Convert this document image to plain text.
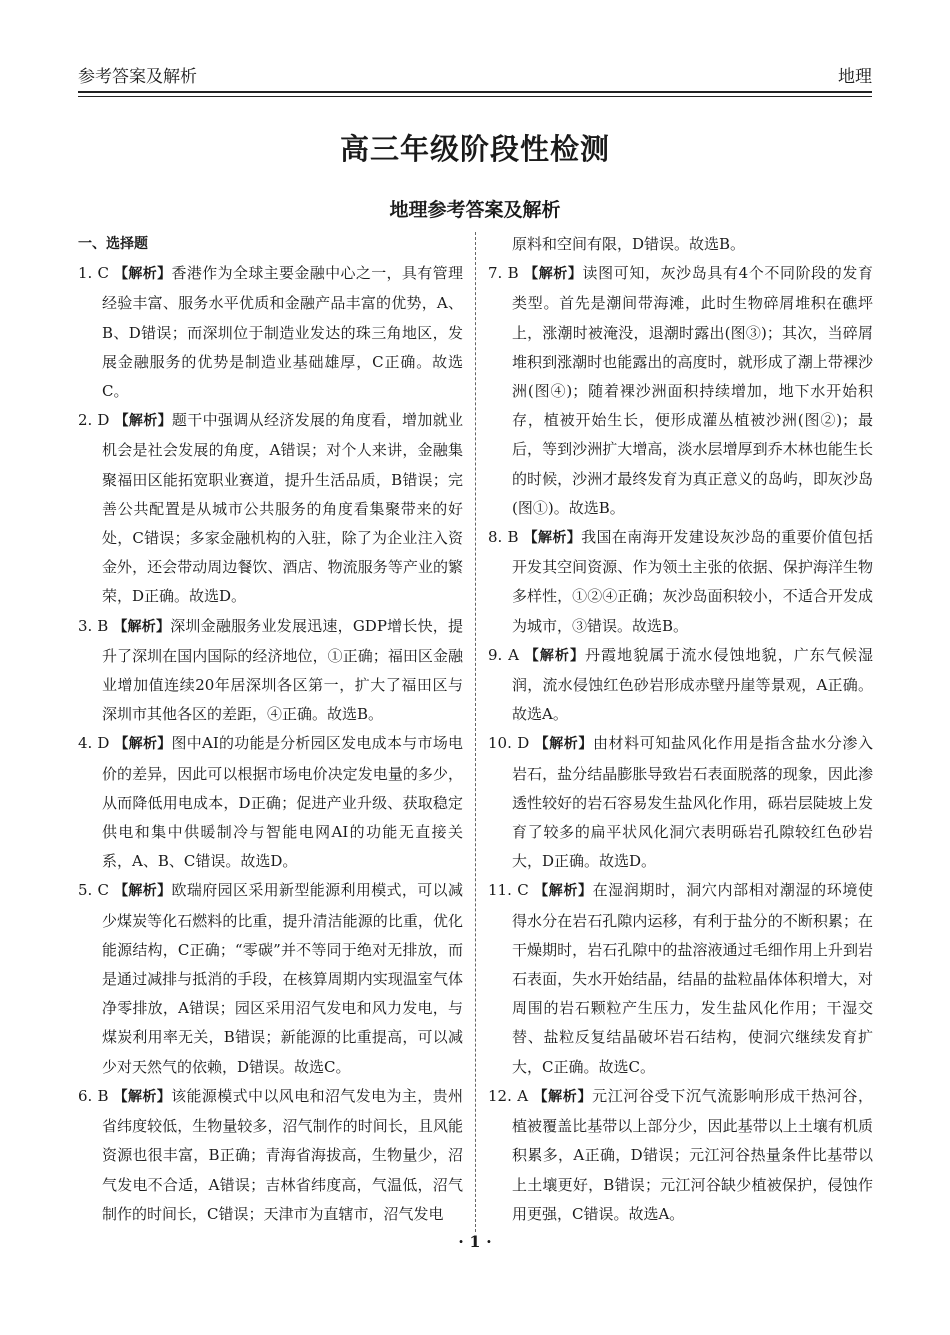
参考答案及解析	地理
高三年级阶段性检测
地理参考答案及解析
一、选择题
1. C 【解析】香港作为全球主要金融中心之一，具有管理经验丰富、服务水平优质和金融产品丰富的优势，A、B、D错误；而深圳位于制造业发达的珠三角地区，发展金融服务的优势是制造业基础雄厚，C正确。故选C。
2. D 【解析】题干中强调从经济发展的角度看，增加就业机会是社会发展的角度，A错误；对个人来讲，金融集聚福田区能拓宽职业赛道，提升生活品质，B错误；完善公共配置是从城市公共服务的角度看集聚带来的好处，C错误；多家金融机构的入驻，除了为企业注入资金外，还会带动周边餐饮、酒店、物流服务等产业的繁荣，D正确。故选D。
3. B 【解析】深圳金融服务业发展迅速，GDP增长快，提升了深圳在国内国际的经济地位，①正确；福田区金融业增加值连续20年居深圳各区第一，扩大了福田区与深圳市其他各区的差距，④正确。故选B。
4. D 【解析】图中AI的功能是分析园区发电成本与市场电价的差异，因此可以根据市场电价决定发电量的多少，从而降低用电成本，D正确；促进产业升级、获取稳定供电和集中供暖制冷与智能电网AI的功能无直接关系，A、B、C错误。故选D。
5. C 【解析】欧瑞府园区采用新型能源利用模式，可以减少煤炭等化石燃料的比重，提升清洁能源的比重，优化能源结构，C正确；“零碳”并不等同于绝对无排放，而是通过减排与抵消的手段，在核算周期内实现温室气体净零排放，A错误；园区采用沼气发电和风力发电，与煤炭利用率无关，B错误；新能源的比重提高，可以减少对天然气的依赖，D错误。故选C。
6. B 【解析】该能源模式中以风电和沼气发电为主，贵州省纬度较低，生物量较多，沼气制作的时间长，且风能资源也很丰富，B正确；青海省海拔高，生物量少，沼气发电不合适，A错误；吉林省纬度高，气温低，沼气制作的时间长，C错误；天津市为直辖市，沼气发电
原料和空间有限，D错误。故选B。
7. B 【解析】读图可知，灰沙岛具有4个不同阶段的发育类型。首先是潮间带海滩，此时生物碎屑堆积在礁坪上，涨潮时被淹没，退潮时露出(图③)；其次，当碎屑堆积到涨潮时也能露出的高度时，就形成了潮上带裸沙洲(图④)；随着裸沙洲面积持续增加，地下水开始积存，植被开始生长，便形成灌丛植被沙洲(图②)；最后，等到沙洲扩大增高，淡水层增厚到乔木林也能生长的时候，沙洲才最终发育为真正意义的岛屿，即灰沙岛(图①)。故选B。
8. B 【解析】我国在南海开发建设灰沙岛的重要价值包括开发其空间资源、作为领土主张的依据、保护海洋生物多样性，①②④正确；灰沙岛面积较小，不适合开发成为城市，③错误。故选B。
9. A 【解析】丹霞地貌属于流水侵蚀地貌，广东气候湿润，流水侵蚀红色砂岩形成赤壁丹崖等景观，A正确。故选A。
10. D 【解析】由材料可知盐风化作用是指含盐水分渗入岩石，盐分结晶膨胀导致岩石表面脱落的现象，因此渗透性较好的岩石容易发生盐风化作用，砾岩层陡坡上发育了较多的扁平状风化洞穴表明砾岩孔隙较红色砂岩大，D正确。故选D。
11. C 【解析】在湿润期时，洞穴内部相对潮湿的环境使得水分在岩石孔隙内运移，有利于盐分的不断积累；在干燥期时，岩石孔隙中的盐溶液通过毛细作用上升到岩石表面，失水开始结晶，结晶的盐粒晶体体积增大，对周围的岩石颗粒产生压力，发生盐风化作用；干湿交替、盐粒反复结晶破坏岩石结构，使洞穴继续发育扩大，C正确。故选C。
12. A 【解析】元江河谷受下沉气流影响形成干热河谷，植被覆盖比基带以上部分少，因此基带以上土壤有机质积累多，A正确，D错误；元江河谷热量条件比基带以上土壤更好，B错误；元江河谷缺少植被保护，侵蚀作用更强，C错误。故选A。
· 1 ·
